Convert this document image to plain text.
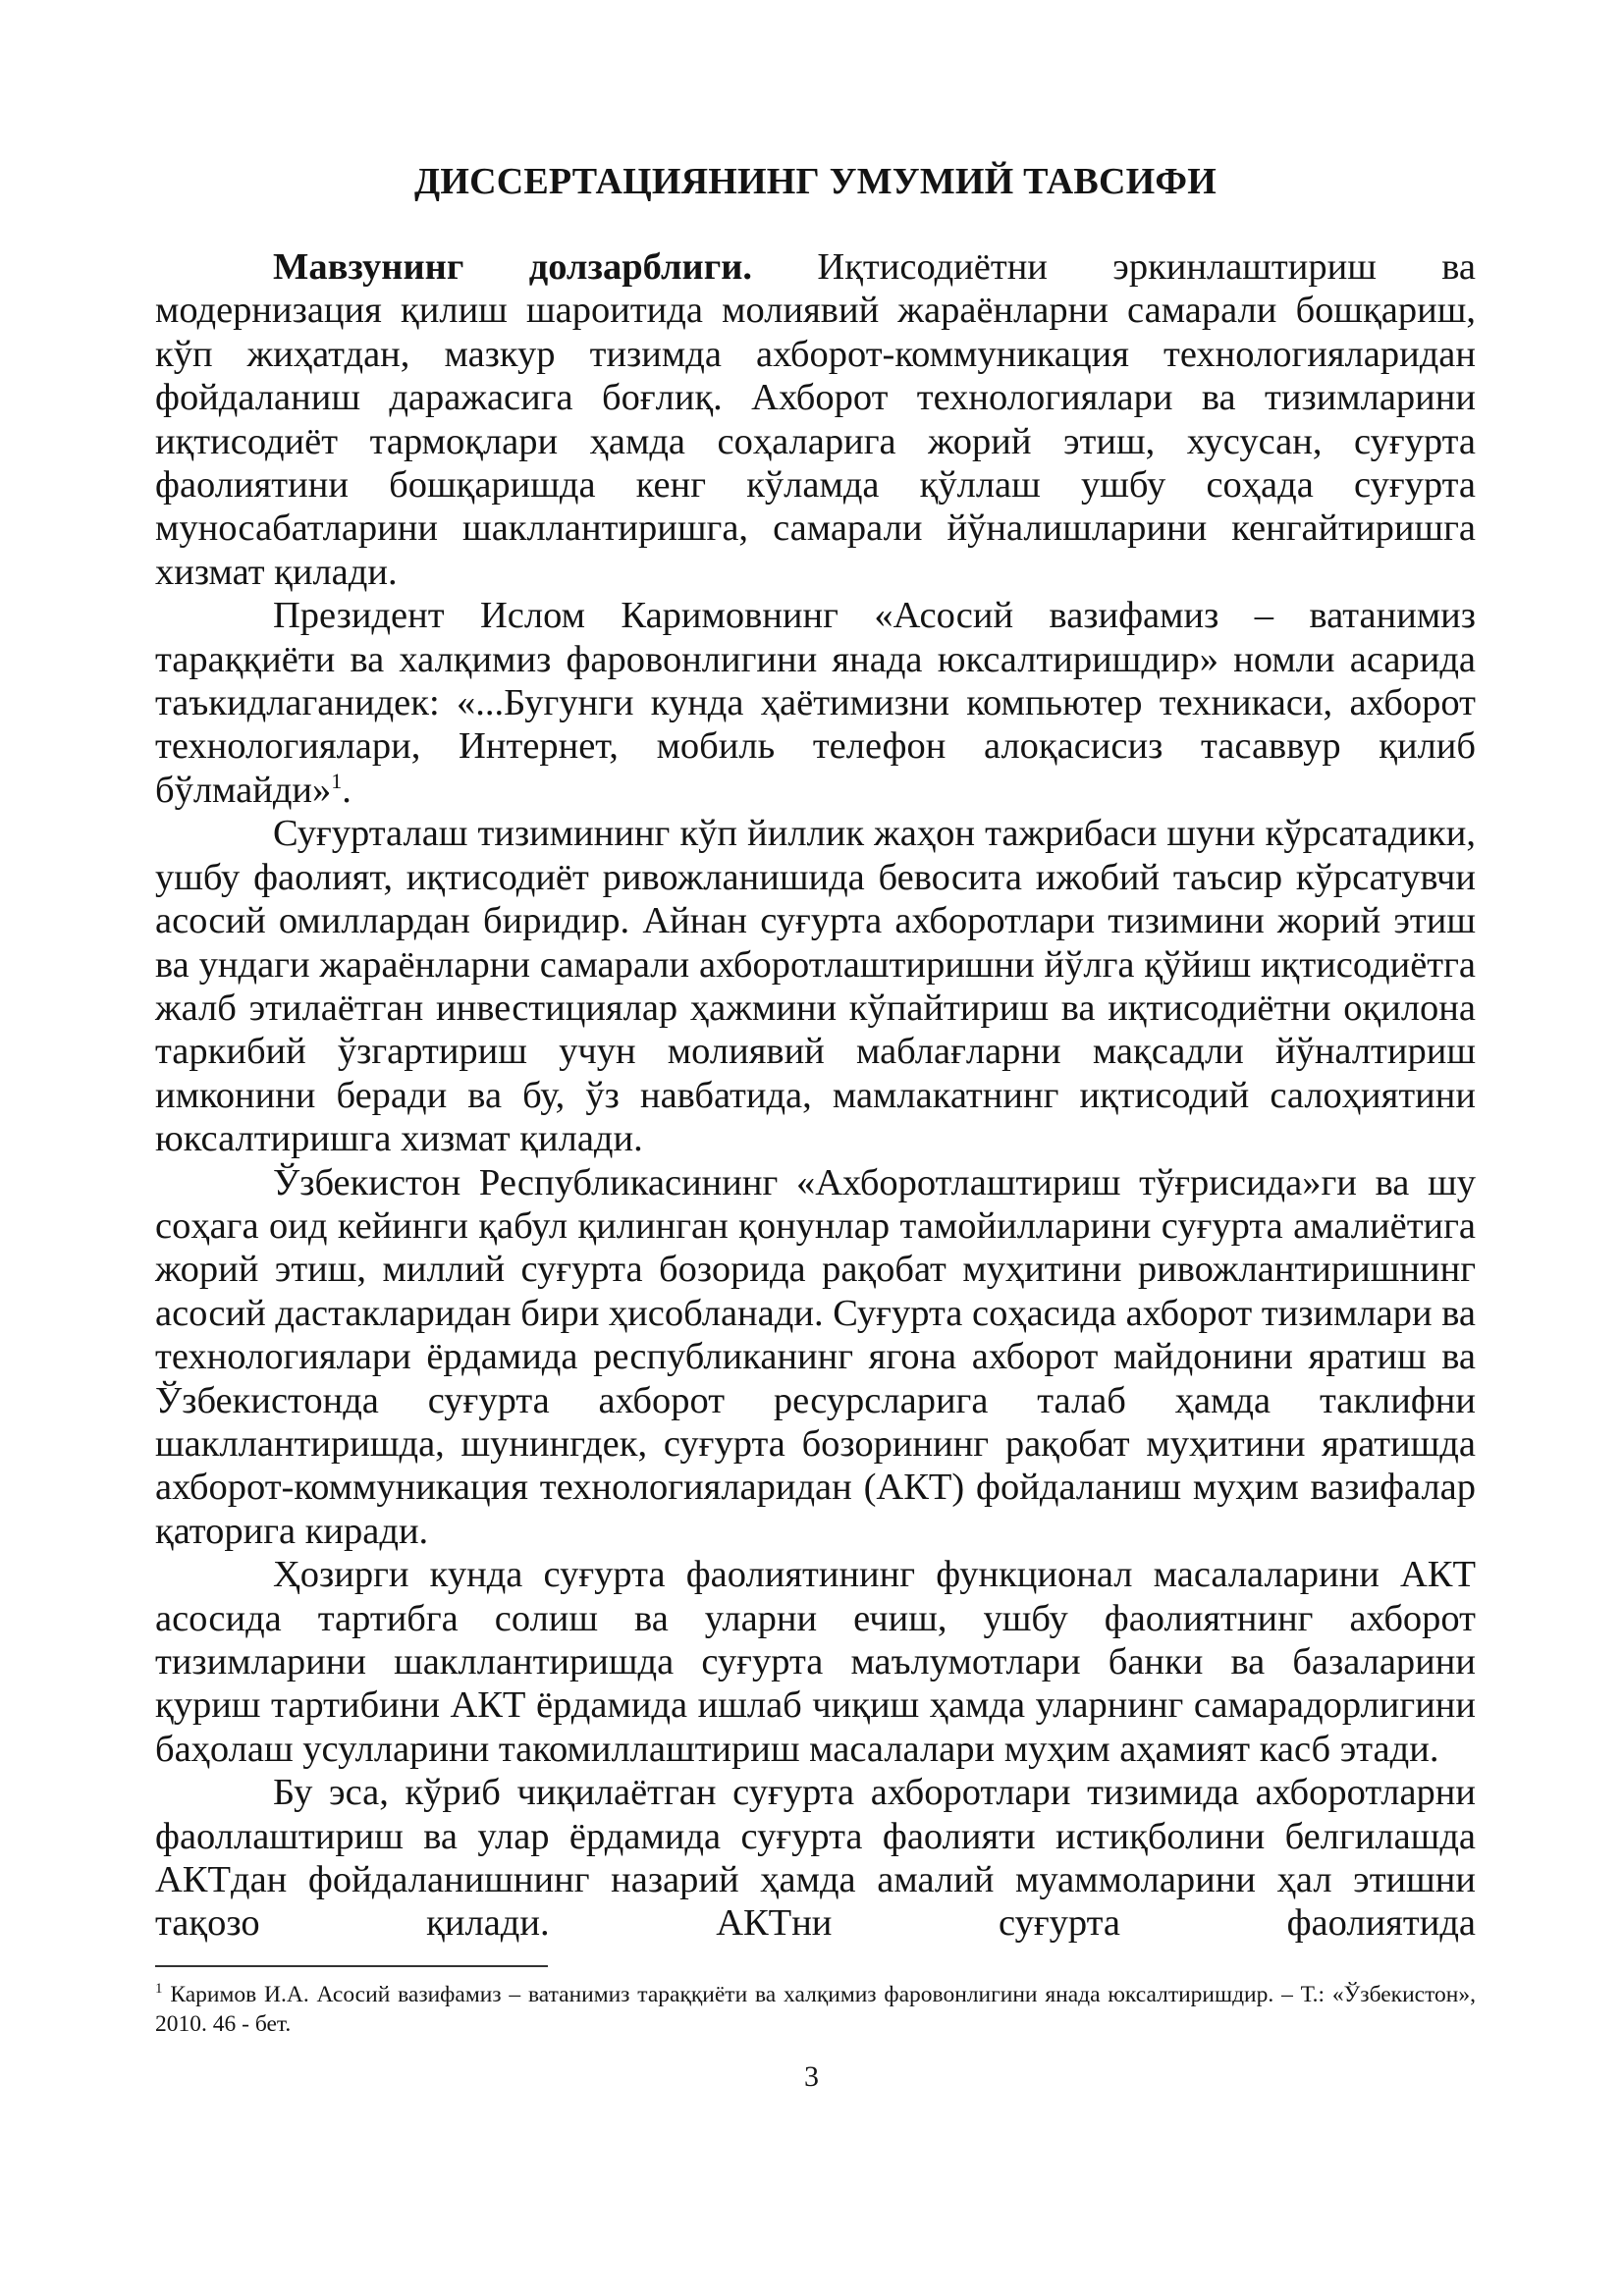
ДИССЕРТАЦИЯНИНГ УМУМИЙ ТАВСИФИ

Мавзунинг долзарблиги. Иқтисодиётни эркинлаштириш ва модернизация қилиш шароитида молиявий жараёнларни самарали бошқариш, кўп жиҳатдан, мазкур тизимда ахборот-коммуникация технологияларидан фойдаланиш даражасига боғлиқ. Ахборот технологиялари ва тизимларини иқтисодиёт тармоқлари ҳамда соҳаларига жорий этиш, хусусан, суғурта фаолиятини бошқаришда кенг кўламда қўллаш ушбу соҳада суғурта муносабатларини шакллантиришга, самарали йўналишларини кенгайтиришга хизмат қилади.

Президент Ислом Каримовнинг «Асосий вазифамиз – ватанимиз тараққиёти ва халқимиз фаровонлигини янада юксалтиришдир» номли асарида таъкидлаганидек: «...Бугунги кунда ҳаётимизни компьютер техникаси, ахборот технологиялари, Интернет, мобиль телефон алоқасисиз тасаввур қилиб бўлмайди»$^1$.

Суғурталаш тизимининг кўп йиллик жаҳон тажрибаси шуни кўрсатадики, ушбу фаолият, иқтисодиёт ривожланишида бевосита ижобий таъсир кўрсатувчи асосий омиллардан биридир. Айнан суғурта ахборотлари тизимини жорий этиш ва ундаги жараёнларни самарали ахборотлаштиришни йўлга қўйиш иқтисодиётга жалб этилаётган инвестициялар ҳажмини кўпайтириш ва иқтисодиётни оқилона таркибий ўзгартириш учун молиявий маблағларни мақсадли йўналтириш имконини беради ва бу, ўз навбатида, мамлакатнинг иқтисодий салоҳиятини юксалтиришга хизмат қилади.

Ўзбекистон Республикасининг «Ахборотлаштириш тўғрисида»ги ва шу соҳага оид кейинги қабул қилинган қонунлар тамойилларини суғурта амалиётига жорий этиш, миллий суғурта бозорида рақобат муҳитини ривожлантиришнинг асосий дастакларидан бири ҳисобланади. Суғурта соҳасида ахборот тизимлари ва технологиялари ёрдамида республиканинг ягона ахборот майдонини яратиш ва Ўзбекистонда суғурта ахборот ресурсларига талаб ҳамда таклифни шакллантиришда, шунингдек, суғурта бозорининг рақобат муҳитини яратишда ахборот-коммуникация технологияларидан (АКТ) фойдаланиш муҳим вазифалар қаторига киради.

Ҳозирги кунда суғурта фаолиятининг функционал масалаларини АКТ асосида тартибга солиш ва уларни ечиш, ушбу фаолиятнинг ахборот тизимларини шакллантиришда суғурта маълумотлари банки ва базаларини қуриш тартибини АКТ ёрдамида ишлаб чиқиш ҳамда уларнинг самарадорлигини баҳолаш усулларини такомиллаштириш масалалари муҳим аҳамият касб этади.

Бу эса, кўриб чиқилаётган суғурта ахборотлари тизимида ахборотларни фаоллаштириш ва улар ёрдамида суғурта фаолияти истиқболини белгилашда АКТдан фойдаланишнинг назарий ҳамда амалий муаммоларини ҳал этишни тақозо қилади. АКТни суғурта фаолиятида

$^1$ Каримов И.А. Асосий вазифамиз – ватанимиз тараққиёти ва халқимиз фаровонлигини янада юксалтиришдир. – Т.: «Ўзбекистон», 2010. 46 - бет.

3
